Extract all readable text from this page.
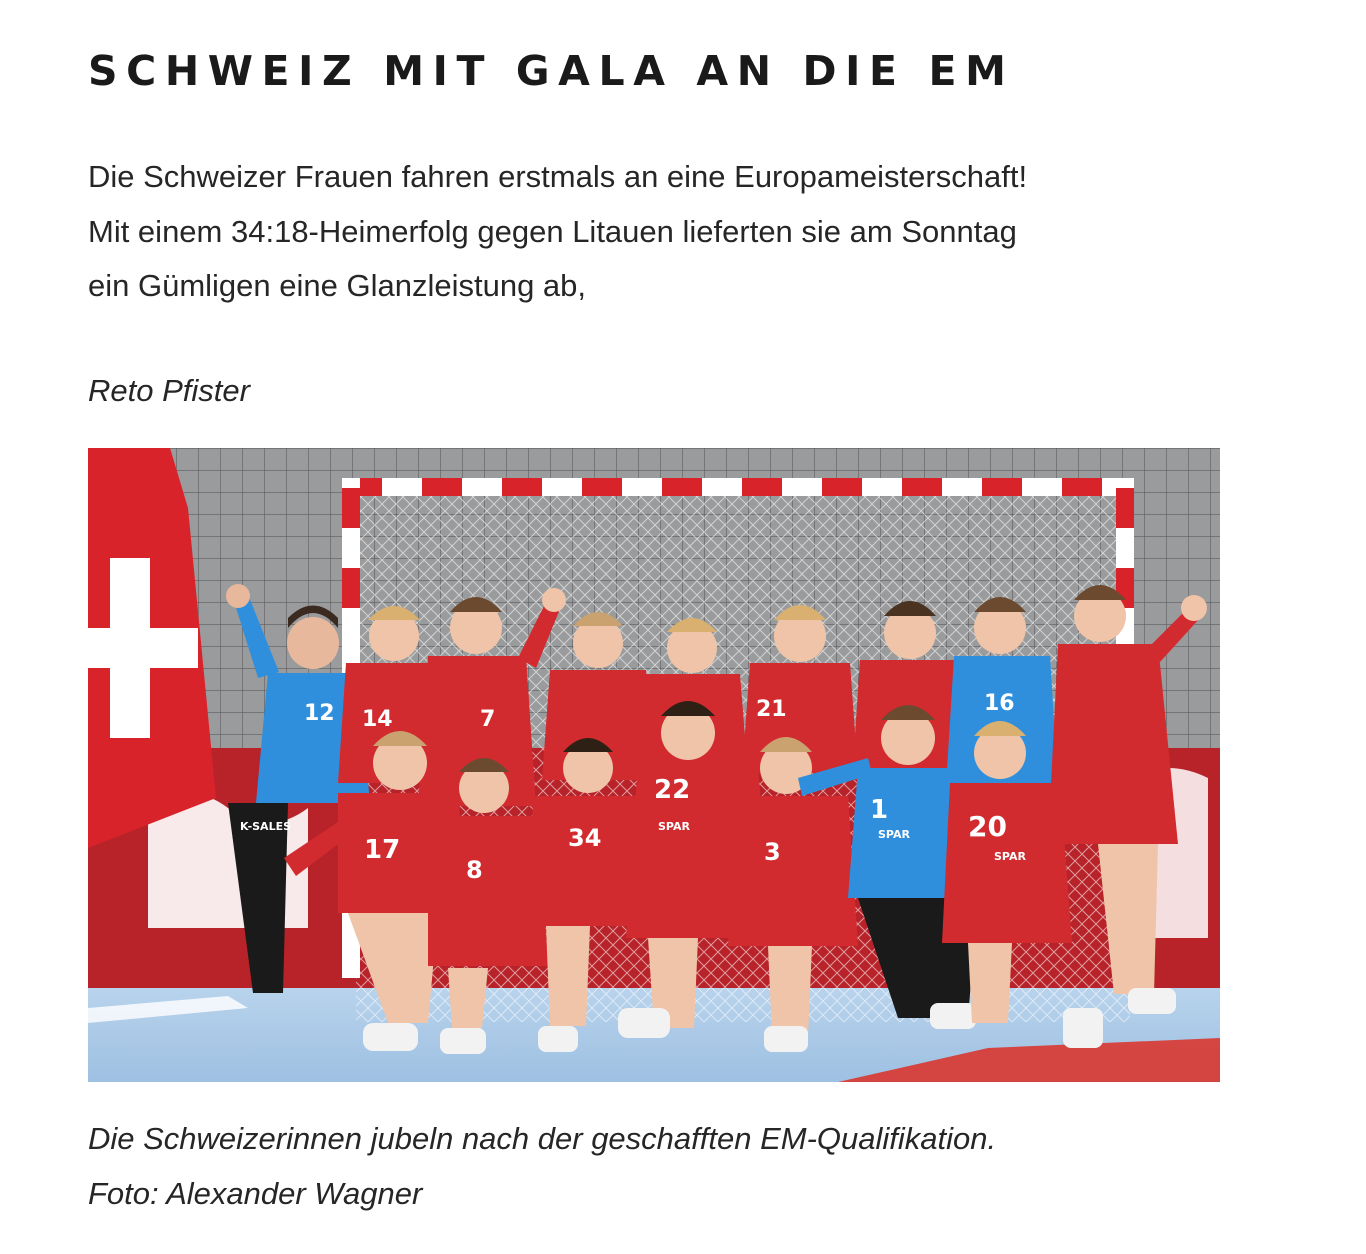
SCHWEIZ MIT GALA AN DIE EM

Die Schweizer Frauen fahren erstmals an eine Europameisterschaft!
Mit einem 34:18-Heimerfolg gegen Litauen lieferten sie am Sonntag
ein Gümligen eine Glanzleistung ab,

Reto Pfister

12 14	7	21	16
17
8
34
22
3
1	20
SPAR
SPAR
SPAR
K-SALES

Die Schweizerinnen jubeln nach der geschafften EM-Qualifikation.
Foto: Alexander Wagner
